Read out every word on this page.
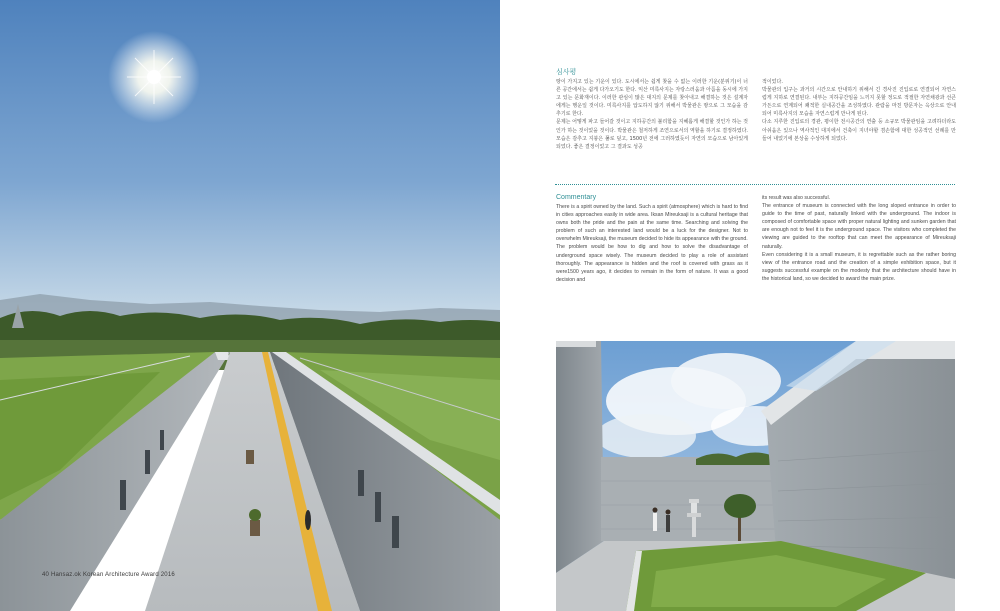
40 Hansaz.ok Korean Architecture Award 2016
심사평

땅이 가지고 있는 기운이 있다. 도시에서는 쉽게 찾을 수 없는 이러한 기운(분위기)이 너른 공간에서는 쉽게 다가오기도 한다. 익산 미륵사지는 자랑스러움과 아픔을 동시에 가지고 있는 문화재이다. 이러한 관심이 많은 대지의 문제를 찾아내고 해결하는 것은 설계자에게는 행운일 것이다. 미륵사지를 압도하지 않기 위해서 박물관은 땅으로 그 모습을 감추기로 한다.

문제는 어떻게 파고 들어갈 것이고 지하공간의 불리함을 지혜롭게 해결할 것인가 하는 것인가 하는 것이었을 것이다. 박물관은 철저하게 조연으로서의 역할을 하기로 결정하였다. 모습은 감추고 지붕은 풀로 덮고, 1500년 전에 그러하였듯이 자연의 모습으로 남아있게 되었다. 좋은 결정이었고 그 결과도 성공

적이었다.

박물관의 입구는 과거의 시간으로 안내하기 위해서 긴 경사진 진입로로 연결되어 자연스럽게 지하로 연결된다. 내부는 지하공간임을 느끼지 못할 정도로 적절한 자연채광과 선큰 가든으로 연계되어 쾌적한 실내공간을 조성하였다. 관람을 마친 방문자는 옥상으로 안내되어 미륵사지의 모습을 자연스럽게 만나게 된다.

다소 지루한 진입로의 경관, 평이한 전시공간의 연출 등 소규모 박물관임을 고려하더라도 아쉬움은 있으나 역사적인 대지에서 건축이 지녀야할 겸손함에 대한 성공적인 선례를 만들어 내었기에 본상을 수상하게 되었다.

Commentary

There is a spirit owned by the land. Such a spirit (atmosphere) which is hard to find in cities approaches easily in wide area. Iksan Mireuksaji is a cultural heritage that owns both the pride and the pain at the same time. Searching and solving the problem of such an interested land would be a luck for the designer. Not to overwhelm Mireuksaji, the museum decided to hide its appearance with the ground.

The problem would be how to dig and how to solve the disadvantage of underground space wisely. The museum decided to play a role of assistant thoroughly. The appearance is hidden and the roof is covered with grass as it were1500 years ago, it decides to remain in the form of nature. It was a good decision and

its result was also successful.

The entrance of museum is connected with the long sloped entrance in order to guide to the time of past, naturally linked with the underground. The indoor is composed of comfortable space with proper natural lighting and sunken garden that are enough not to feel it is the underground space. The visitors who completed the viewing are guided to the rooftop that can meet the appearance of Mireuksaji naturally.

Even considering it is a small museum, it is regrettable such as the rather boring view of the entrance road and the creation of a simple exhibition space, but it suggests successful example on the modesty that the architecture should have in the historical land, so we decided to award the main prize.
